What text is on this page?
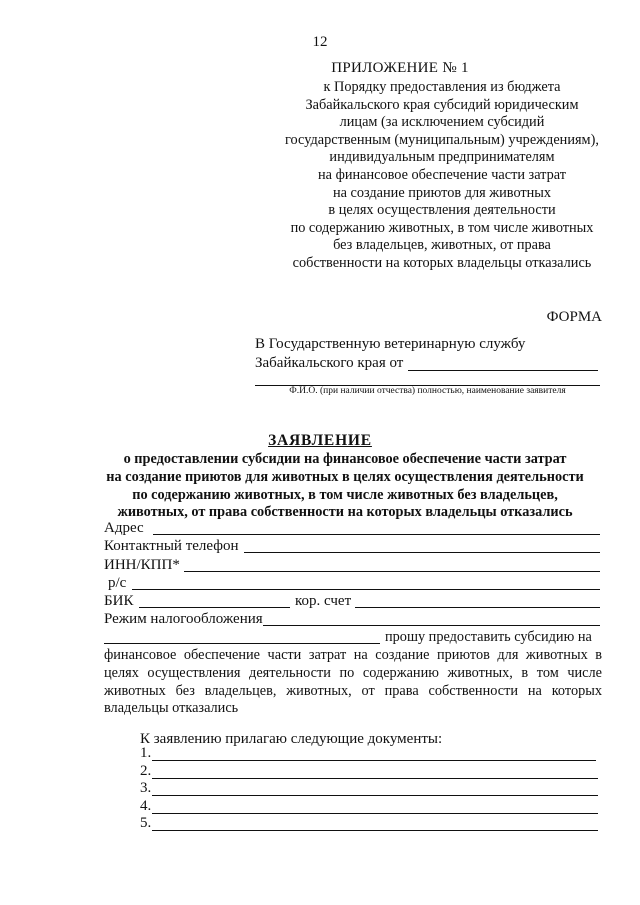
12
ПРИЛОЖЕНИЕ № 1
к Порядку предоставления из бюджета
Забайкальского края субсидий юридическим
лицам (за исключением субсидий
государственным (муниципальным) учреждениям),
индивидуальным предпринимателям
на финансовое обеспечение части затрат
на создание приютов для животных
в целях осуществления деятельности
по содержанию животных, в том числе животных
без владельцев, животных, от права
собственности на которых владельцы отказались
ФОРМА
В Государственную ветеринарную службу
Забайкальского края от
Ф.И.О. (при наличии отчества) полностью, наименование заявителя
ЗАЯВЛЕНИЕ
о предоставлении субсидии на финансовое обеспечение части затрат
на создание приютов для животных в целях осуществления деятельности
по содержанию животных, в том числе животных без владельцев,
животных, от права собственности на которых владельцы отказались
Адрес
Контактный телефон
ИНН/КПП*
р/с
БИК	кор. счет
Режим налогообложения
прошу предоставить субсидию на
финансовое обеспечение части затрат на создание приютов для животных в
целях осуществления деятельности по содержанию животных, в том числе
животных без владельцев, животных, от права собственности на которых
владельцы отказались
К заявлению прилагаю следующие документы:
1.
2.
3.
4.
5.
